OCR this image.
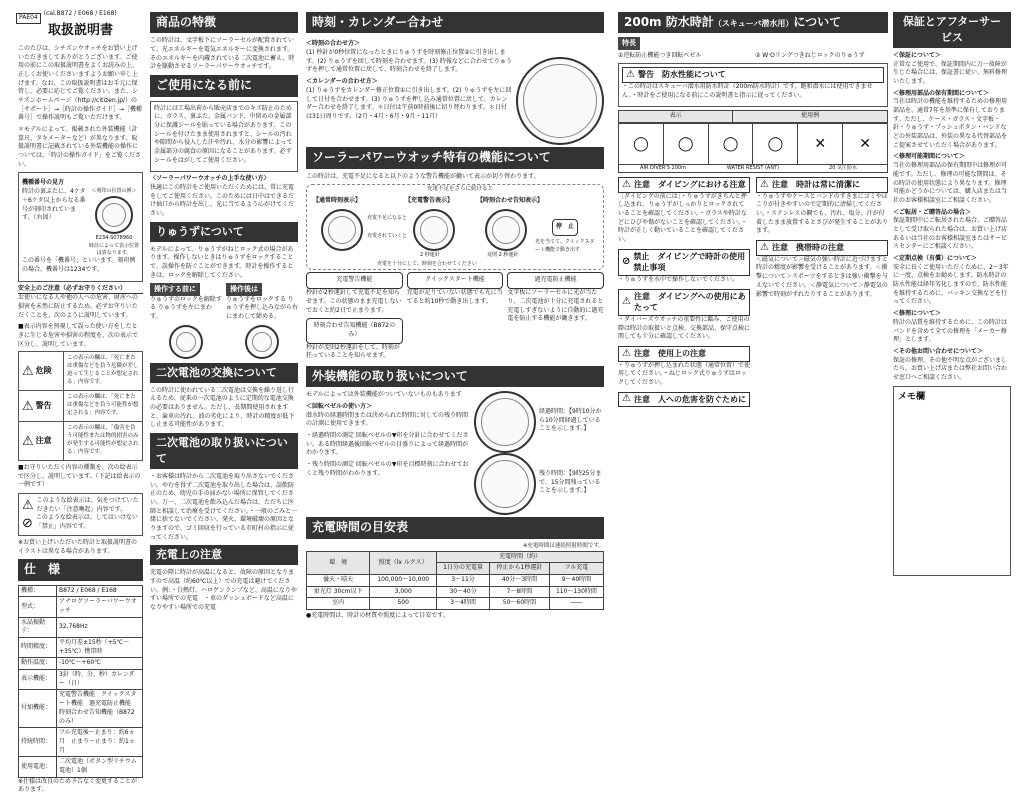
PAE04
(cal.B872 / E068 / E168)
取扱説明書

このたびは、シチズンウオッチをお買い上げいただきましてありがとうございます。ご使用の前にこの取扱説明書をよくお読みの上、正しくお使いくださいますようお願い申し上げます。なお、この取扱説明書はお手元に保管し、必要に応じてご覧ください。また、シチズンホームページ（http://citizen.jp/）の［サポート］→［時計の操作ガイド］→［機種番号］で操作説明もご覧いただけます。

＊モデルによって、掲載された外装機能（計算尺、タキメーターなど）が異なります。取扱説明書に記載されている外装機能の操作については、「時計の操作ガイド」をご覧ください。

機種番号の見方

時計の裏ぶたに、4ケタ＋6ケタ以上からなる番号が刻印されています。（右図）

＜刻印の位置の例＞
E234-S078960
時計によって表示位置は異なります。

この番号を「機番号」といいます。刻印例の場合、機番号は1234です。

安全上のご注意（必ずお守りください）

お使いになる人や他の人への危害、財産への損害を未然に防止するため、必ずお守りいただくことを、次のように説明しています。

■表示内容を無視して誤った使い方をしたときに生じる危害や損害の程度を、次の表示で区分し、説明しています。

⚠ 危険
この表示の欄は、「死亡または重傷などを負う危険が差し迫って生じることが想定される」内容です。
⚠ 警告
この表示の欄は、「死亡または重傷などを負う可能性が想定される」内容です。
⚠ 注意
この表示の欄は、「傷害を負う可能性または物的損害のみが発生する可能性が想定される」内容です。

■お守りいただく内容の種類を、次の絵表示で区分し、説明しています。（下記は絵表示の一例です）

⚠ このような絵表示は、気をつけていただきたい「注意喚起」内容です。
⊘ このような絵表示は、してはいけない「禁止」内容です。

※お買い上げいただいた時計と取扱説明書のイラストは異なる場合があります。

仕　様
機種：	B872 / E068 / E168
型式：	アナログソーラーパワーウオッチ
水晶振動子：	32,768Hz
時間精度：	平均月差±15秒（+5℃～+35℃）携帯時
動作温度：	-10℃～+60℃
表示機能：	3針（時、分、秒）カレンダー（日）
付加機能：	充電警告機能　クイックスタート機能　過充電防止機能　時刻合わせ告知機能（B872のみ）
持続時間：	フル充電後～止まり：約6ヵ月　止まり～止まり：約1ヵ月
使用電池：	二次電池（ボタン型リチウム電池）1個

※仕様は改良のため予告なく変更することがあります。

商品の特徴

この時計は、文字板下にソーラーセルが配置されていて、光エネルギーを電気エネルギーに変換されます。そのエネルギーを内蔵されている二次電池に蓄え、時計を駆動させるソーラーパワーウオッチです。

ご使用になる前に

時計には工場出荷から販売店までのキズ防止のために、ガラス、裏ぶた、金属バンド、中留めの金属部分に保護シールを貼っている場合があります。このシールを付けたまま使用されますと、シールの汚れや隙間から侵入した汗や汚れ、水分の影響によって金属部分の腐食の原因になることがあります。必ずシールをはがしてご使用ください。

〈ソーラーパワーウオッチの上手な使い方〉

快適にこの時計をご使用いただくためには、常に充電をしてご使用ください。このためには日中はできるだけ袖口から時計を出し、光に当てるよう心がけてください。

りゅうずについて

モデルによって、りゅうずがねじロック式の場合があります。操作しないときはりゅうずをロックすることで、誤操作を防ぐことができます。時計を操作するときは、ロックを解除してください。

操作する前に

りゅうずのロックを解除する りゅうずを左にまわす。

操作後は

りゅうずをロックする りゅうずを押し込みながら右にまわして締める。

二次電池の交換について

この時計に使われている二次電池は交換を繰り返し行えるため、従来の一次電池のように定期的な電池交換の必要はありません。ただし、長期間使用されますと、歯車の汚れ、油の劣化により、時計の精度が低下し止まる可能性があります。

二次電池の取り扱いについて

・お客様は時計から二次電池を取り出さないでください。やむを得ず二次電池を取り出した場合は、誤飲防止のため、幼児の手の届かない場所に保管してください。万一、二次電池を飲み込んだ場合は、ただちに医師と相談して治療を受けてください。・一般のごみと一緒に捨てないでください。発火、環境破壊の原因となりますので、ゴミ回収を行っている市町村の指示に従ってください。

充電上の注意

充電の際に時計が高温になると、故障の原因となりますので高温（約60℃以上）での充電は避けてください。例：・白熱灯、ハロゲンランプなど、高温になりやすい場所での充電　・車のダッシュボードなど高温になりやすい場所での充電

時刻・カレンダー合わせ
＜時刻の合わせ方＞

(1) 秒針が0秒位置になったときにりゅうずを時刻修正位置②に引き出します。(2) りゅうずを回して時刻を合わせます。(3) 時報などに合わせてりゅうずを押して通常位置に戻して、時刻合わせを終了します。

＜カレンダーの合わせ方＞

(1) りゅうずをカレンダー修正位置①に引き出します。(2) りゅうずを左に回して日付を合わせます。(3) りゅうずを押し込み通常位置に戻して、カレンダー合わせを終了します。＊日付は午前0時前後に切り替わります。＊日付は31日周りです。（2月・4月・6月・9月・11月）

ソーラーパワーウオッチ特有の機能について

この時計は、充電不足になると以下のような警告機能が働いて表示が切り替わります。

充電不足をさらに続けると
【通常時刻表示】	【充電警告表示】	【時刻合わせ告知表示】
停　止
充電不足になると
充電されていくと
2 秒運針	変則 2 秒運針
光を当てて、クイックスタート機能で動き出す
充電を十分にして、時刻を合わせてください
充電警告機能

秒針が2秒運針して充電不足を知らせます。この状態のまま充電しないでおくと約2日で止まります。

時刻合わせ告知機能（B872のみ）

秒針が変則2秒運針をして、時刻が狂っていることを知らせます。

クイックスタート機能

充電が足りていない状態でも光に当てると約10秒で動き出します。

過充電防止機能

文字板にソーラーセルに光が当たり、二次電池が十分に充電されると充電しすぎないように自動的に過充電を防止する機能が働きます。

外装機能の取り扱いについて

モデルによっては外装機能がついていないものもあります

＜回転ベゼルの使い方＞

潜水時の経過時間または決められた時間に対しての残り時間の計測に使用できます。

・経過時間の測定 回転ベゼルの▼印を分針に合わせてください。ある時間経過後回転ベゼルの目盛りによって経過時間がわかります。

・残り時間の測定 回転ベゼルの▼印を目標時刻に合わせておくと残り時間がわかります。

経過時間：【9時10分から10分間経過していることを示します。】

残り時間：【9時25分まで、15分間残っていることを示します。】

充電時間の目安表
※充電時間は連続照射時間です。
環　境	照度（lx ルクス）	充電時間（約）		
		1日分の充電量	停止から1秒運針	フル充電
曇天・晴天	100,000～10,000	3～11分	40分～3時間	9～40時間
蛍光灯 30cm以下	3,000	30～40分	7～8時間	110～130時間
室内	500	3～4時間	50～60時間	――

●充電時間は、時計の材質や照度によって目安です。

200m 防水時計（スキューバ潜水用）について
特長
①逆転防止機能つき回転ベゼル	② W·Oリングつきねじロックのりゅうず
⚠ 警告　防水性能について

・この時計はスキューバ潜水用防水時計（200m防水時計）です。飽和潜水には使用できません。・時計をご使用になる前にこの説明書と指示に従ってください。

表示	使用例
◯	◯	◯	◯	✕	✕
AIR DIVER'S 200m	WATER RESIST (ANT)	20 気圧防水
⚠ 注意　ダイビングにおける注意

［ダイビングの前には］・りゅうずがきちんと押し込まれ、りゅうずがしっかりとロックされていることを確認してください。・ガラスや時計などにひびや傷がないことを確認してください。・時計が正しく動いていることを確認してください。

⊘
禁止　ダイビングで時計の使用禁止事項

・りゅうずを水中で操作しないでください。

⚠
注意　ダイビングへの使用にあたって

・ダイバーズウオッチの重要性に鑑み、ご使用の際は時計の取扱いと点検、交換部品、保守点検に関しても十分に確認してください。

⚠ 注意　使用上の注意

・りゅうずが押し込まれた状態（通常位置）で使用してください。・ねじロック式りゅうずはロックしてください。

⚠ 注意　人への危害を防ぐために
⚠ 注意　時計は常に清潔に

・りゅうずやケースとバンドのすきまにゴミやほこりが付きやすいので定期的に清掃してください。・ステンレスの鋼でも、汚れ、塩分、汗が付着したまま放置するとさびが発生することがあります。

⚠ 注意　携帯時の注意

＜磁気について＞磁気の強い時計に近づけますと時計の精度が影響を受けることがあります。＜衝撃について＞スポーツをするときは強い衝撃を与えないでください。＜静電気について＞静電気の影響で時刻がずれたりすることがあります。

保証とアフターサービス
＜保証について＞

正常なご使用で、保証期間内に万一故障が生じた場合には、保証書に従い、無料修理いたします。

＜修理用部品の保有期間について＞

当社は時計の機能を維持するための修理用部品を、通常7年を基準に保有しております。ただし、ケース・ガラス・文字板・針・りゅうず・プッシュボタン・バンドなどの外装部品は、外装の異なる代替部品をご提案させていただく場合があります。

＜修理可能期間について＞

当社の修理用部品の保有期間中は修理が可能です。ただし、修理の可能な期間は、その時計の使用状態により異なります。修理可能かどうかについては、購入店または当社のお客様相談室にご相談ください。

＜ご転居・ご贈答品の場合＞

保証期間中にご転居された場合、ご贈答品として受け取られた場合は、お買い上げ店あるいは当社のお客様相談室またはサービスセンターにご相談ください。

＜定期点検（有償）について＞

安全に長くご使用いただくために、2～3年に一度、点検をお勧めします。防水時計の防水性能は経年劣化しますので、防水性能を維持するために、パッキン交換などを行ってください。

＜修理について＞

時計の品質を維持するために、この時計はバンドを含めて全ての修理を「メーカー修理」とします。

＜その他お問い合わせについて＞

保証の修理、その他不明な点がございましたら、お買い上げ店または弊社お問い合わせ窓口へご相談ください。

メモ欄
